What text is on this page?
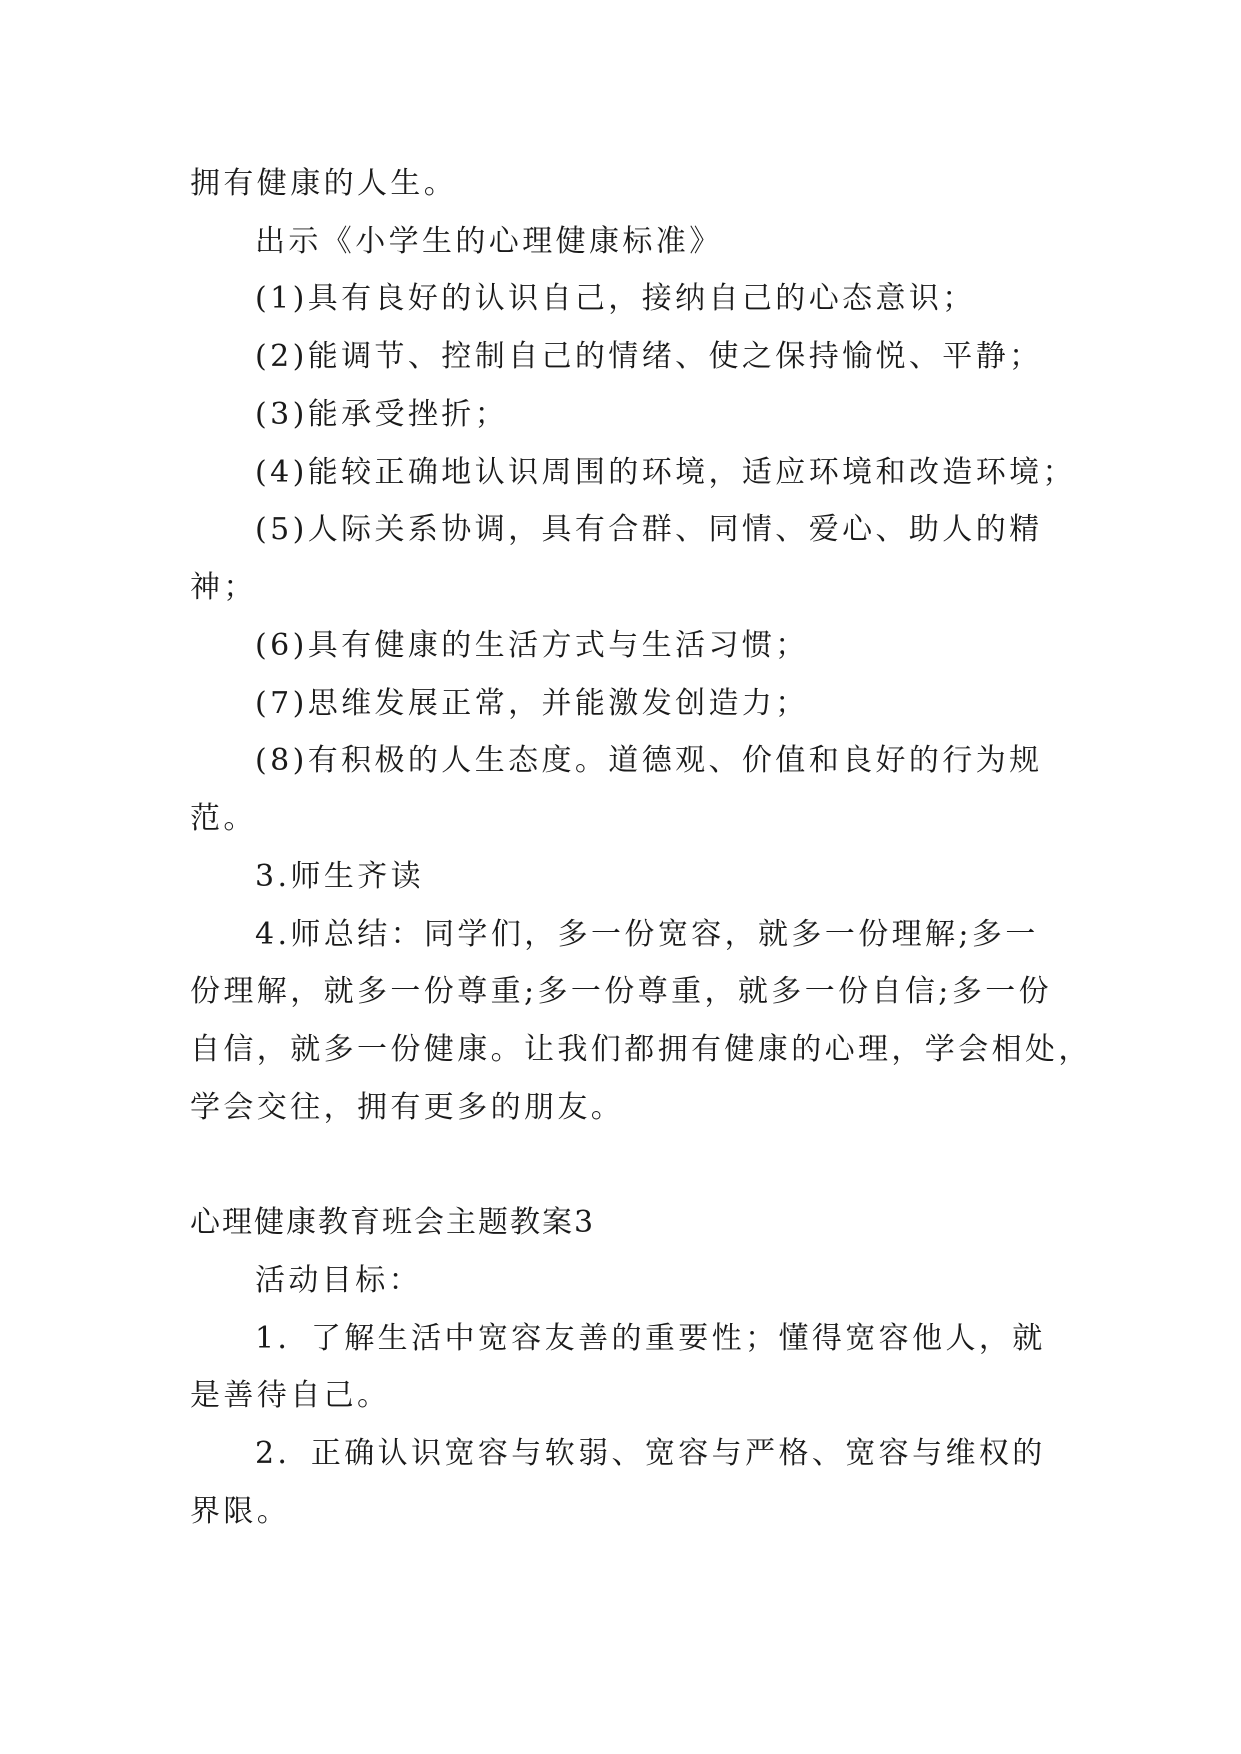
拥有健康的人生。
出示《小学生的心理健康标准》
(1)具有良好的认识自己，接纳自己的心态意识；
(2)能调节、控制自己的情绪、使之保持愉悦、平静；
(3)能承受挫折；
(4)能较正确地认识周围的环境，适应环境和改造环境；
(5)人际关系协调，具有合群、同情、爱心、助人的精
神；
(6)具有健康的生活方式与生活习惯；
(7)思维发展正常，并能激发创造力；
(8)有积极的人生态度。道德观、价值和良好的行为规
范。
3.师生齐读
4.师总结：同学们，多一份宽容，就多一份理解;多一
份理解，就多一份尊重;多一份尊重，就多一份自信;多一份
自信，就多一份健康。让我们都拥有健康的心理，学会相处，
学会交往，拥有更多的朋友。
心理健康教育班会主题教案3
活动目标：
1．了解生活中宽容友善的重要性；懂得宽容他人，就
是善待自己。
2．正确认识宽容与软弱、宽容与严格、宽容与维权的
界限。
